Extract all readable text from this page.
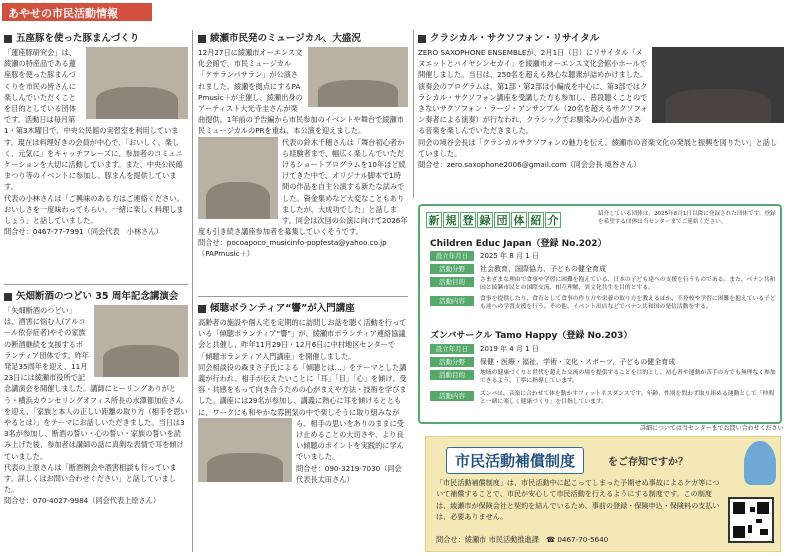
あやせの市民活動情報
五座豚を使った豚まんづくり
「蓮座豚研究会」は、綾瀬の特産品である蓮座豚を使った豚まんづくりを市民の皆さんに楽しんでいただくことを目的としている団体です。活動日は毎月第1・第3木曜日で、中央公民館の実習室を利用しています。現在は料理好きの会員が中心で、「おいしく、楽しく、元気に」をキャッチフレーズに、参加者のコミュニケーションを大切に活動しています。また、中央公民館まつり等のイベントに参加し、豚まんを提供しています。
代表の小林さんは「ご興味のある方はご連絡ください。おいしさを一度味わってもらい、一緒に楽しく料理しましょう」と話していました。
問合せ：0467-77-7991（同会代表　小林さん）
矢畑断酒のつどい 35 周年記念講演会
「矢畑断酒のつどい」は、酒害に悩む人(アルコール依存症者)やその家族の断酒継続を支援するボランティア団体です。昨年発足35周年を迎え、11月23日には綾瀬市役所で記念講演会を開催しました。講師にヒーリングありがとう・横浜カウンセリングオフィス所長の水澤都加佐さんを迎え、「家族と本人の正しい距離の取り方（相手を思いやるとは）」をテーマにお話しいただきました。当日は33名が参加し、断酒の誓い・心の誓い・家族の誓いを読み上げた後、参加者は講師の話に真剣な表情で耳を傾けていました。
代表の上原さんは「断酒例会や酒害相談も行っています。詳しくはお問い合わせください」と話していました。
問合せ：070-4027-9984（同会代表上原さん）
綾瀬市民発のミュージカル、大盛況
12月27日に綾瀬市オーエンス文化会館で、市民ミュージカル「ケサランパサラン」が公演されました。綾瀬を拠点にするPAPmusic＋が主催し、綾瀬出身のアーティスト大光寺圭さんが楽曲提供。1年前の予告編から市民参加のイベントや舞台で綾瀬市民ミュージカルのPRを重ね、本公演を迎えました。

代表の鈴木千穂さんは「舞台初心者から経験者まで、幅広く楽しんでいただけるショートプログラムを10年ほど続けてきた中で、オリジナル脚本で1時間の作品を自主公演する新たな試みでした。資金集めなど大変なこともありましたが、大成功でした」と話します。同会は次回の公演に向けて2026年度も引き続き講座参加者を募集していくそうです。
問合せ：pocoapoco_musicinfo-popfesta@yahoo.co.jp（PAPmusic＋）
傾聴ボランティア“響”が入門講座
高齢者の施設や個人宅を定期的に訪問しお話を聴く活動を行っている「傾聴ボランティア“響”」が、綾瀬市ボランティア連絡協議会と共催し、昨年11月29日・12月6日に中村地区センターで「傾聴ボランティア入門講座」を開催しました。
同会相談役の森まさ子氏による「傾聴とは…」をテーマとした講義が行われ、相手が伝えたいことに「耳」「目」「心」を傾け、受容・共感をもって向き合うための心がまえや方法・技術を学びました。講座には29名が参加し、講義に熱心に耳を傾けるとともに、ワークにも和やかな雰囲気の中で楽しそ
うに取り組みながら、相手の思いをありのままに受け止めることの大切さや、より良い傾聴のポイントを実践的に学んでいました。
問合せ：090-3219-7030（同会代表長太田さん）
クラシカル・サクソフォン・リサイタル
ZERO SAXOPHONE ENSEMBLEが、2月1日（日）にリサイタル「メヌエットとバイヤシンセカイ」を綾瀬市オーエンス文化会館小ホールで開催しました。当日は、250名を超える熱心な聴衆が詰めかけました。
演奏会のプログラムは、第1部・第2部は小編成を中心に、第3部ではクラシカル・サクソフォン講座を受講した方も参加し、普段聴くことのできないサクソフォン・ラージ・アンサンブル（20名を超えるサクソフォン奏者による演奏）が行なわれ、クラシックでお馴染みの心温かさある音楽を楽しんでいただきました。
同会の境谷会長は「クラシカルサクソフォンの魅力を伝え、綾瀬市の音楽文化の発展と振興を図りたい」と話していました。
問合せ：zero.saxophone2006@gmail.com（同会会長 境谷さん）
新 規 登 録 団 体 紹 介	紹介している団体は、2025年8月1日以降に登録された団体です。登録を希望する団体は当センターまでご連絡ください。
Children Educ Japan（登録 No.202）
設立年月日	2025 年 8 月 1 日
活動分野	社会教育、国際協力、子どもの健全育成
活動目的	さまざまな理由で食事や学習に困難を抱えている、日本の子ども達への支援を行うものである。また、ベナン共和国と綾瀬市民との国際交流、相互理解、異文化共生を目的とする。
活動内容	食事を提供したり、食育として食事の作り方や栄養の取り方を教えるほか、不登校や学習に困難を抱えている子ども達への学習支援を行う。その他、イベント出店などでベナン共和国の発信活動をする。
ズンバサークル Tamo Happy（登録 No.203）
設立年月日	2019 年 4 月 1 日
活動分野	保健・医療・福祉、学術・文化・スポーツ、子どもの健全育成
活動目的	地域の健康づくりと世代を超えた交流の場を提供することを目的とし、初心者や運動が苦手の方でも無理なく参加できるよう、丁寧に指導しています。
活動内容	ズンバは、音楽に合わせて体を動かすフィットネスダンスです。年齢、性別を問わず取り組める運動として「仲間と一緒に楽しく健康づくり」を目指しています。
詳細については当センターまでお問い合わせください
市民活動補償制度	をご存知ですか？
「市民活動補償制度」は、市民活動中に起こってしまった予期せぬ事故によるケガ等について補償することで、市民が安心して市民活動を行えるようにする制度です。この制度は、綾瀬市が保険会社と契約を結んでいるため、事前の登録・保険申込・保険料の支払いは、必要ありません。
問合せ：綾瀬市 市民活動推進課　☎ 0467-70-5640
